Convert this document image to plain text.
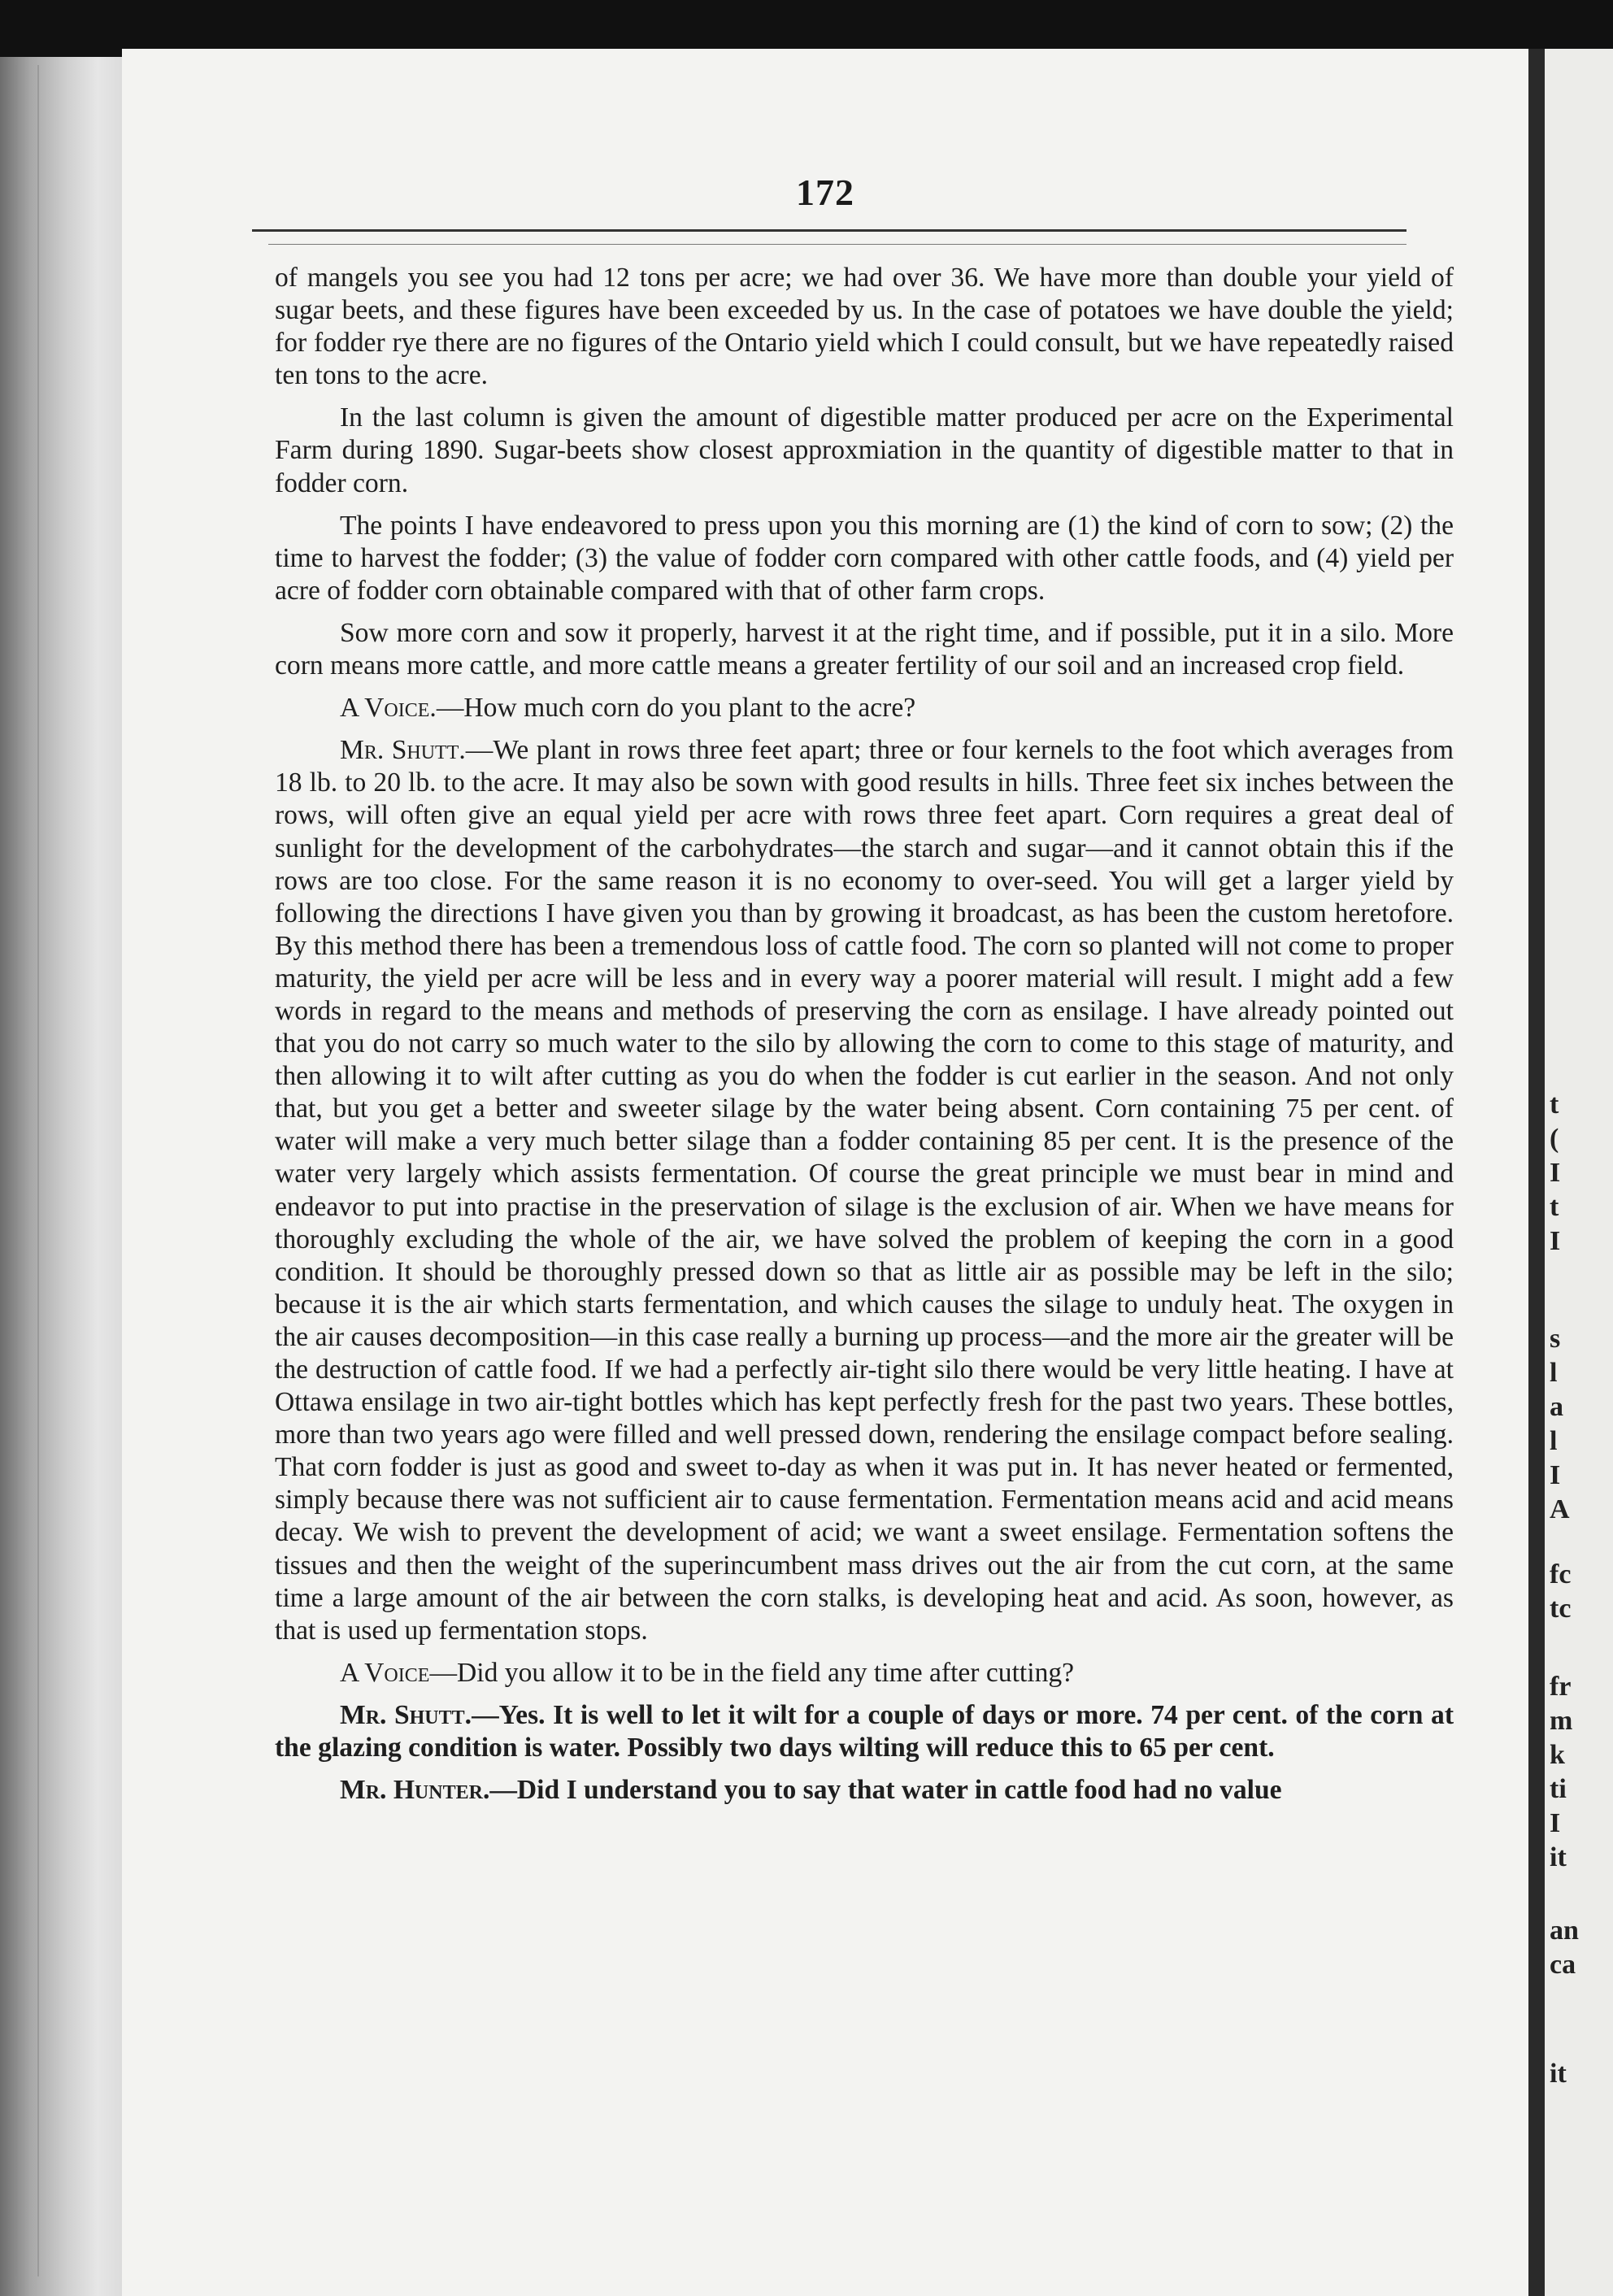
172

of mangels you see you had 12 tons per acre; we had over 36. We have more than double your yield of sugar beets, and these figures have been exceeded by us. In the case of potatoes we have double the yield; for fodder rye there are no figures of the Ontario yield which I could consult, but we have repeatedly raised ten tons to the acre.

In the last column is given the amount of digestible matter produced per acre on the Experimental Farm during 1890. Sugar-beets show closest approxmiation in the quantity of digestible matter to that in fodder corn.

The points I have endeavored to press upon you this morning are (1) the kind of corn to sow; (2) the time to harvest the fodder; (3) the value of fodder corn compared with other cattle foods, and (4) yield per acre of fodder corn obtainable compared with that of other farm crops.

Sow more corn and sow it properly, harvest it at the right time, and if possible, put it in a silo. More corn means more cattle, and more cattle means a greater fertility of our soil and an increased crop field.

A Voice.—How much corn do you plant to the acre?

Mr. Shutt.—We plant in rows three feet apart; three or four kernels to the foot which averages from 18 lb. to 20 lb. to the acre. It may also be sown with good results in hills. Three feet six inches between the rows, will often give an equal yield per acre with rows three feet apart. Corn requires a great deal of sunlight for the development of the carbohydrates—the starch and sugar—and it cannot obtain this if the rows are too close. For the same reason it is no economy to over-seed. You will get a larger yield by following the directions I have given you than by growing it broadcast, as has been the custom heretofore. By this method there has been a tremendous loss of cattle food. The corn so planted will not come to proper maturity, the yield per acre will be less and in every way a poorer material will result. I might add a few words in regard to the means and methods of preserving the corn as ensilage. I have already pointed out that you do not carry so much water to the silo by allowing the corn to come to this stage of maturity, and then allowing it to wilt after cutting as you do when the fodder is cut earlier in the season. And not only that, but you get a better and sweeter silage by the water being absent. Corn containing 75 per cent. of water will make a very much better silage than a fodder containing 85 per cent. It is the presence of the water very largely which assists fermentation. Of course the great principle we must bear in mind and endeavor to put into practise in the preservation of silage is the exclusion of air. When we have means for thoroughly excluding the whole of the air, we have solved the problem of keeping the corn in a good condition. It should be thoroughly pressed down so that as little air as possible may be left in the silo; because it is the air which starts fermentation, and which causes the silage to unduly heat. The oxygen in the air causes decomposition—in this case really a burning up process—and the more air the greater will be the destruction of cattle food. If we had a perfectly air-tight silo there would be very little heating. I have at Ottawa ensilage in two air-tight bottles which has kept perfectly fresh for the past two years. These bottles, more than two years ago were filled and well pressed down, rendering the ensilage compact before sealing. That corn fodder is just as good and sweet to-day as when it was put in. It has never heated or fermented, simply because there was not sufficient air to cause fermentation. Fermentation means acid and acid means decay. We wish to prevent the development of acid; we want a sweet ensilage. Fermentation softens the tissues and then the weight of the superincumbent mass drives out the air from the cut corn, at the same time a large amount of the air between the corn stalks, is developing heat and acid. As soon, however, as that is used up fermentation stops.

A Voice—Did you allow it to be in the field any time after cutting?

Mr. Shutt.—Yes. It is well to let it wilt for a couple of days or more. 74 per cent. of the corn at the glazing condition is water. Possibly two days wilting will reduce this to 65 per cent.

Mr. Hunter.—Did I understand you to say that water in cattle food had no value

t
(
I
t
I
s
l
a
l
I
A
fc
tc
fr
m
k
ti
I
it
an
ca
it
